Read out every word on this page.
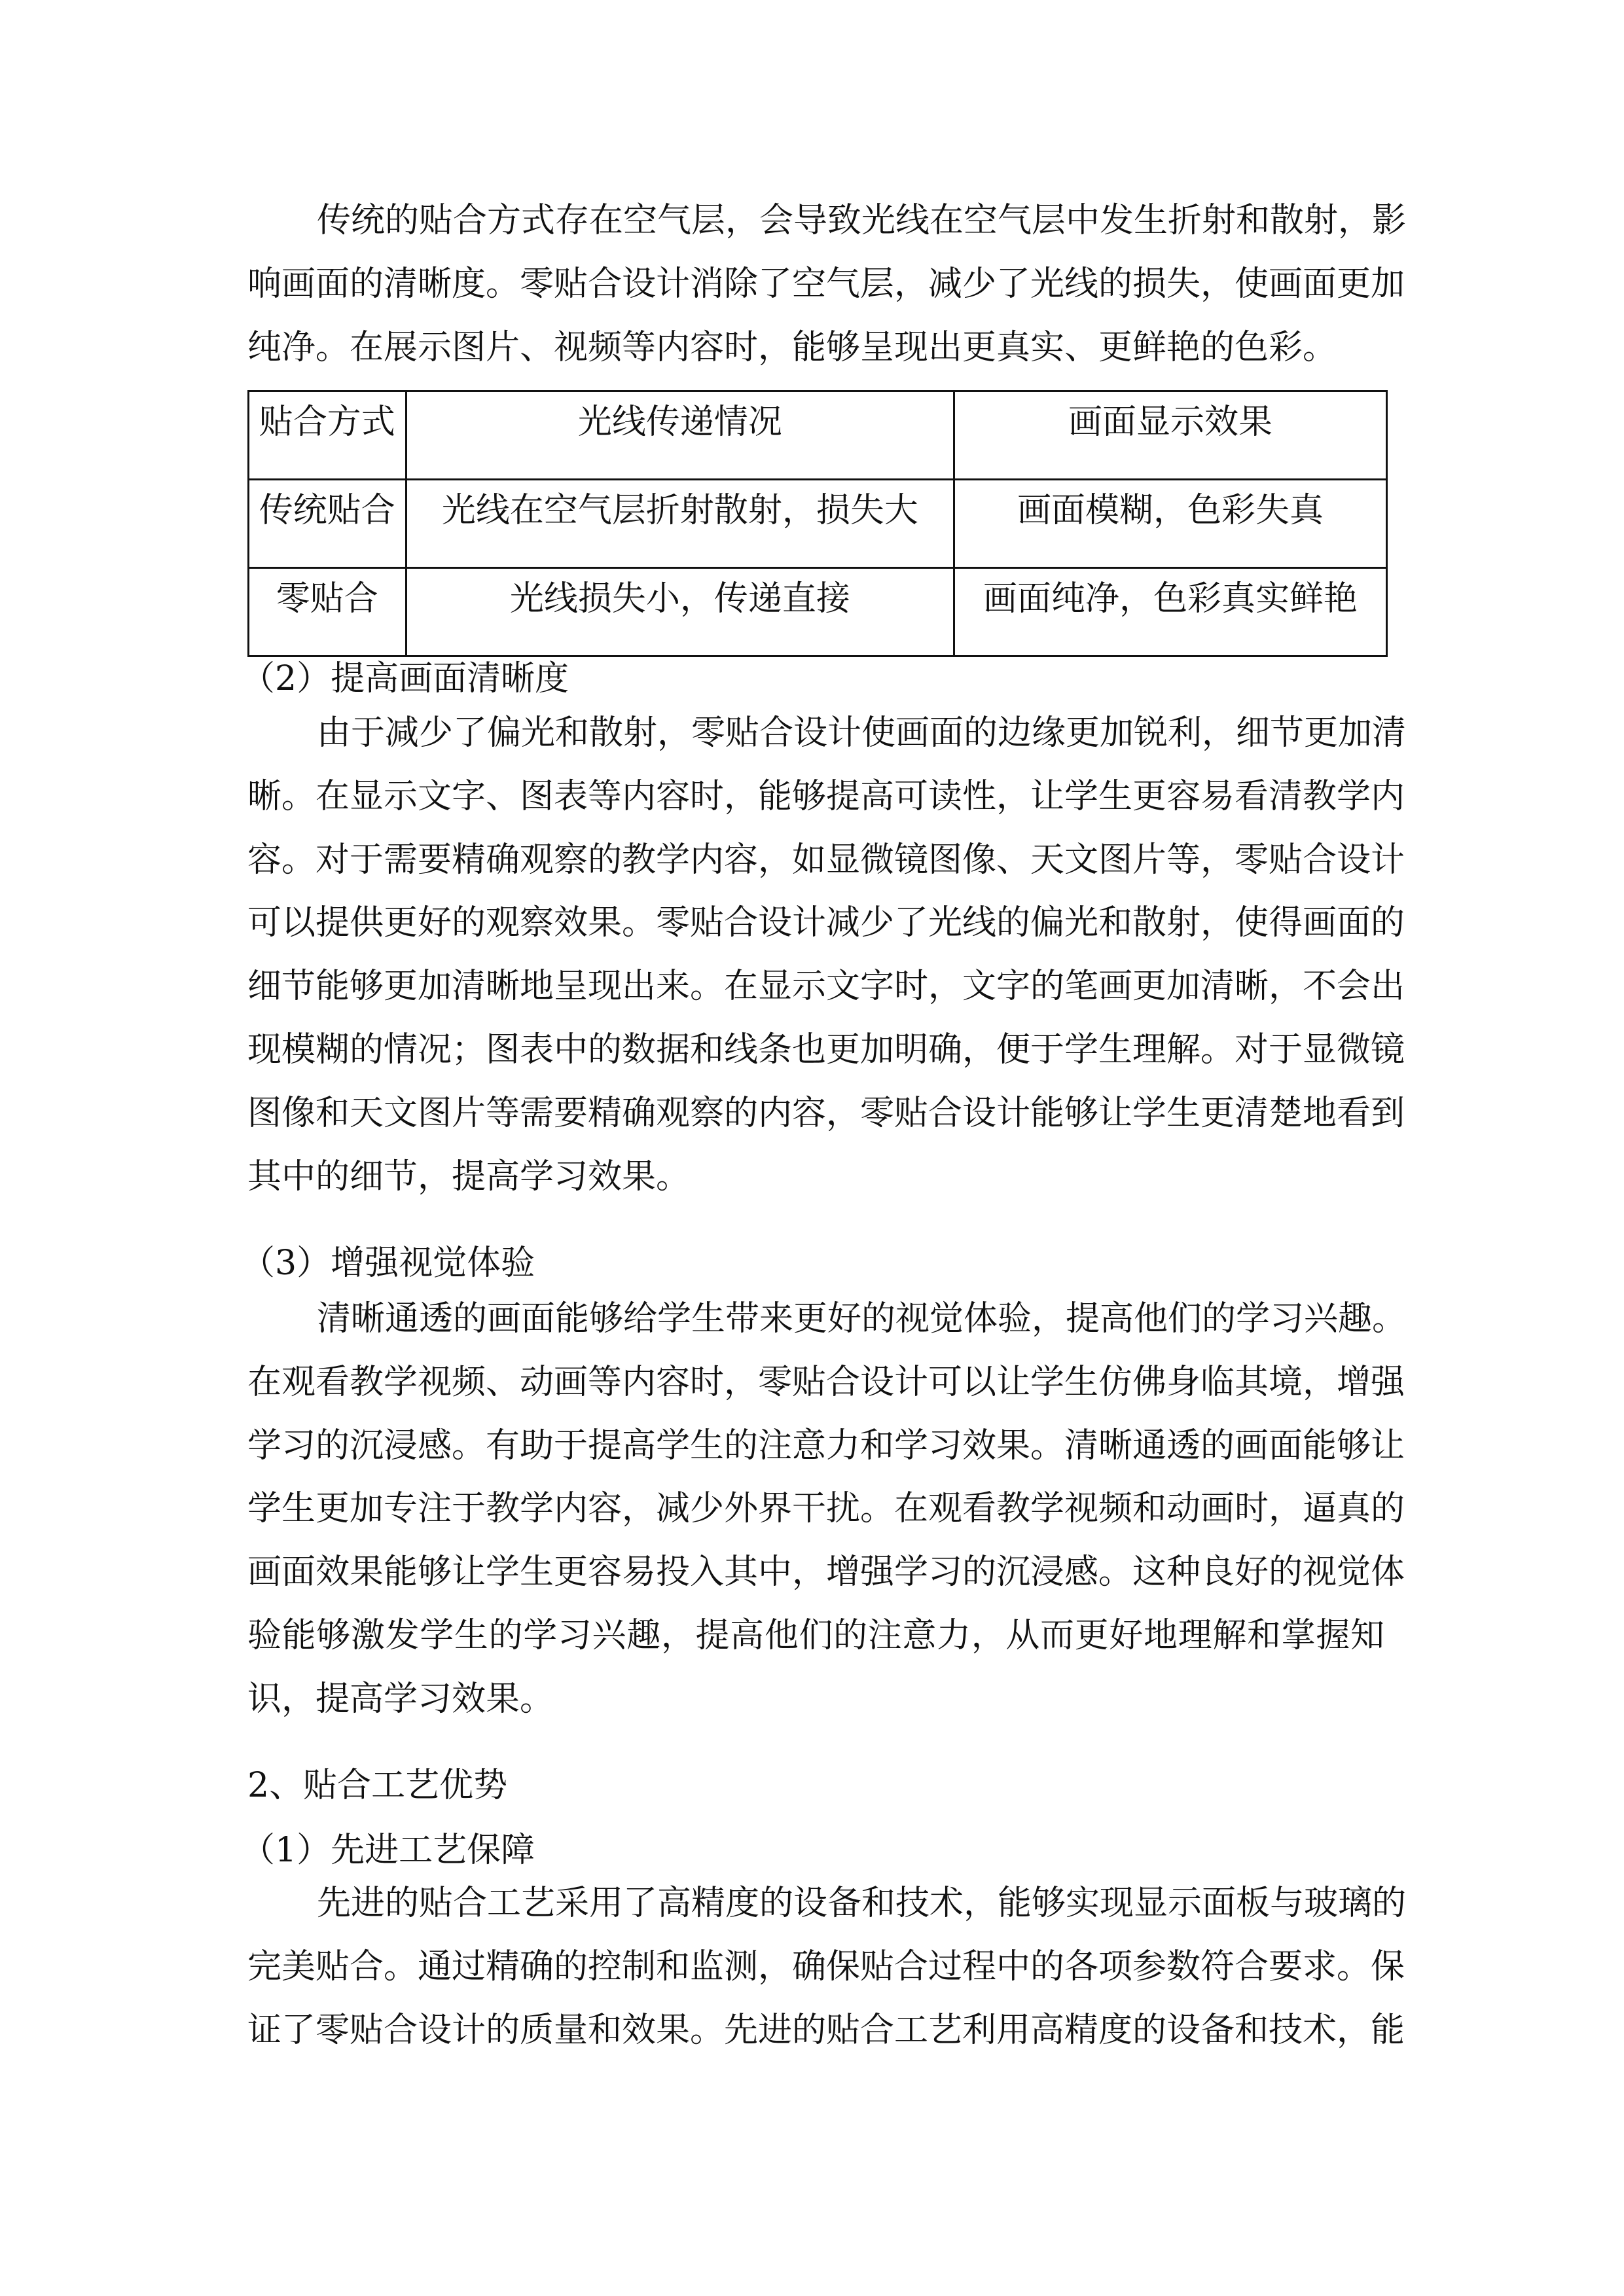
传统的贴合方式存在空气层，会导致光线在空气层中发生折射和散射，影
响画面的清晰度。零贴合设计消除了空气层，减少了光线的损失，使画面更加
纯净。在展示图片、视频等内容时，能够呈现出更真实、更鲜艳的色彩。
（2）提高画面清晰度
由于减少了偏光和散射，零贴合设计使画面的边缘更加锐利，细节更加清
晰。在显示文字、图表等内容时，能够提高可读性，让学生更容易看清教学内
容。对于需要精确观察的教学内容，如显微镜图像、天文图片等，零贴合设计
可以提供更好的观察效果。零贴合设计减少了光线的偏光和散射，使得画面的
细节能够更加清晰地呈现出来。在显示文字时，文字的笔画更加清晰，不会出
现模糊的情况；图表中的数据和线条也更加明确，便于学生理解。对于显微镜
图像和天文图片等需要精确观察的内容，零贴合设计能够让学生更清楚地看到
其中的细节，提高学习效果。
（3）增强视觉体验
清晰通透的画面能够给学生带来更好的视觉体验，提高他们的学习兴趣。
在观看教学视频、动画等内容时，零贴合设计可以让学生仿佛身临其境，增强
学习的沉浸感。有助于提高学生的注意力和学习效果。清晰通透的画面能够让
学生更加专注于教学内容，减少外界干扰。在观看教学视频和动画时，逼真的
画面效果能够让学生更容易投入其中，增强学习的沉浸感。这种良好的视觉体
验能够激发学生的学习兴趣，提高他们的注意力，从而更好地理解和掌握知
识，提高学习效果。
2、贴合工艺优势
（1）先进工艺保障
先进的贴合工艺采用了高精度的设备和技术，能够实现显示面板与玻璃的
完美贴合。通过精确的控制和监测，确保贴合过程中的各项参数符合要求。保
证了零贴合设计的质量和效果。先进的贴合工艺利用高精度的设备和技术，能
贴合方式	光线传递情况	画面显示效果
传统贴合	光线在空气层折射散射，损失大	画面模糊，色彩失真
零贴合	光线损失小，传递直接	画面纯净，色彩真实鲜艳
